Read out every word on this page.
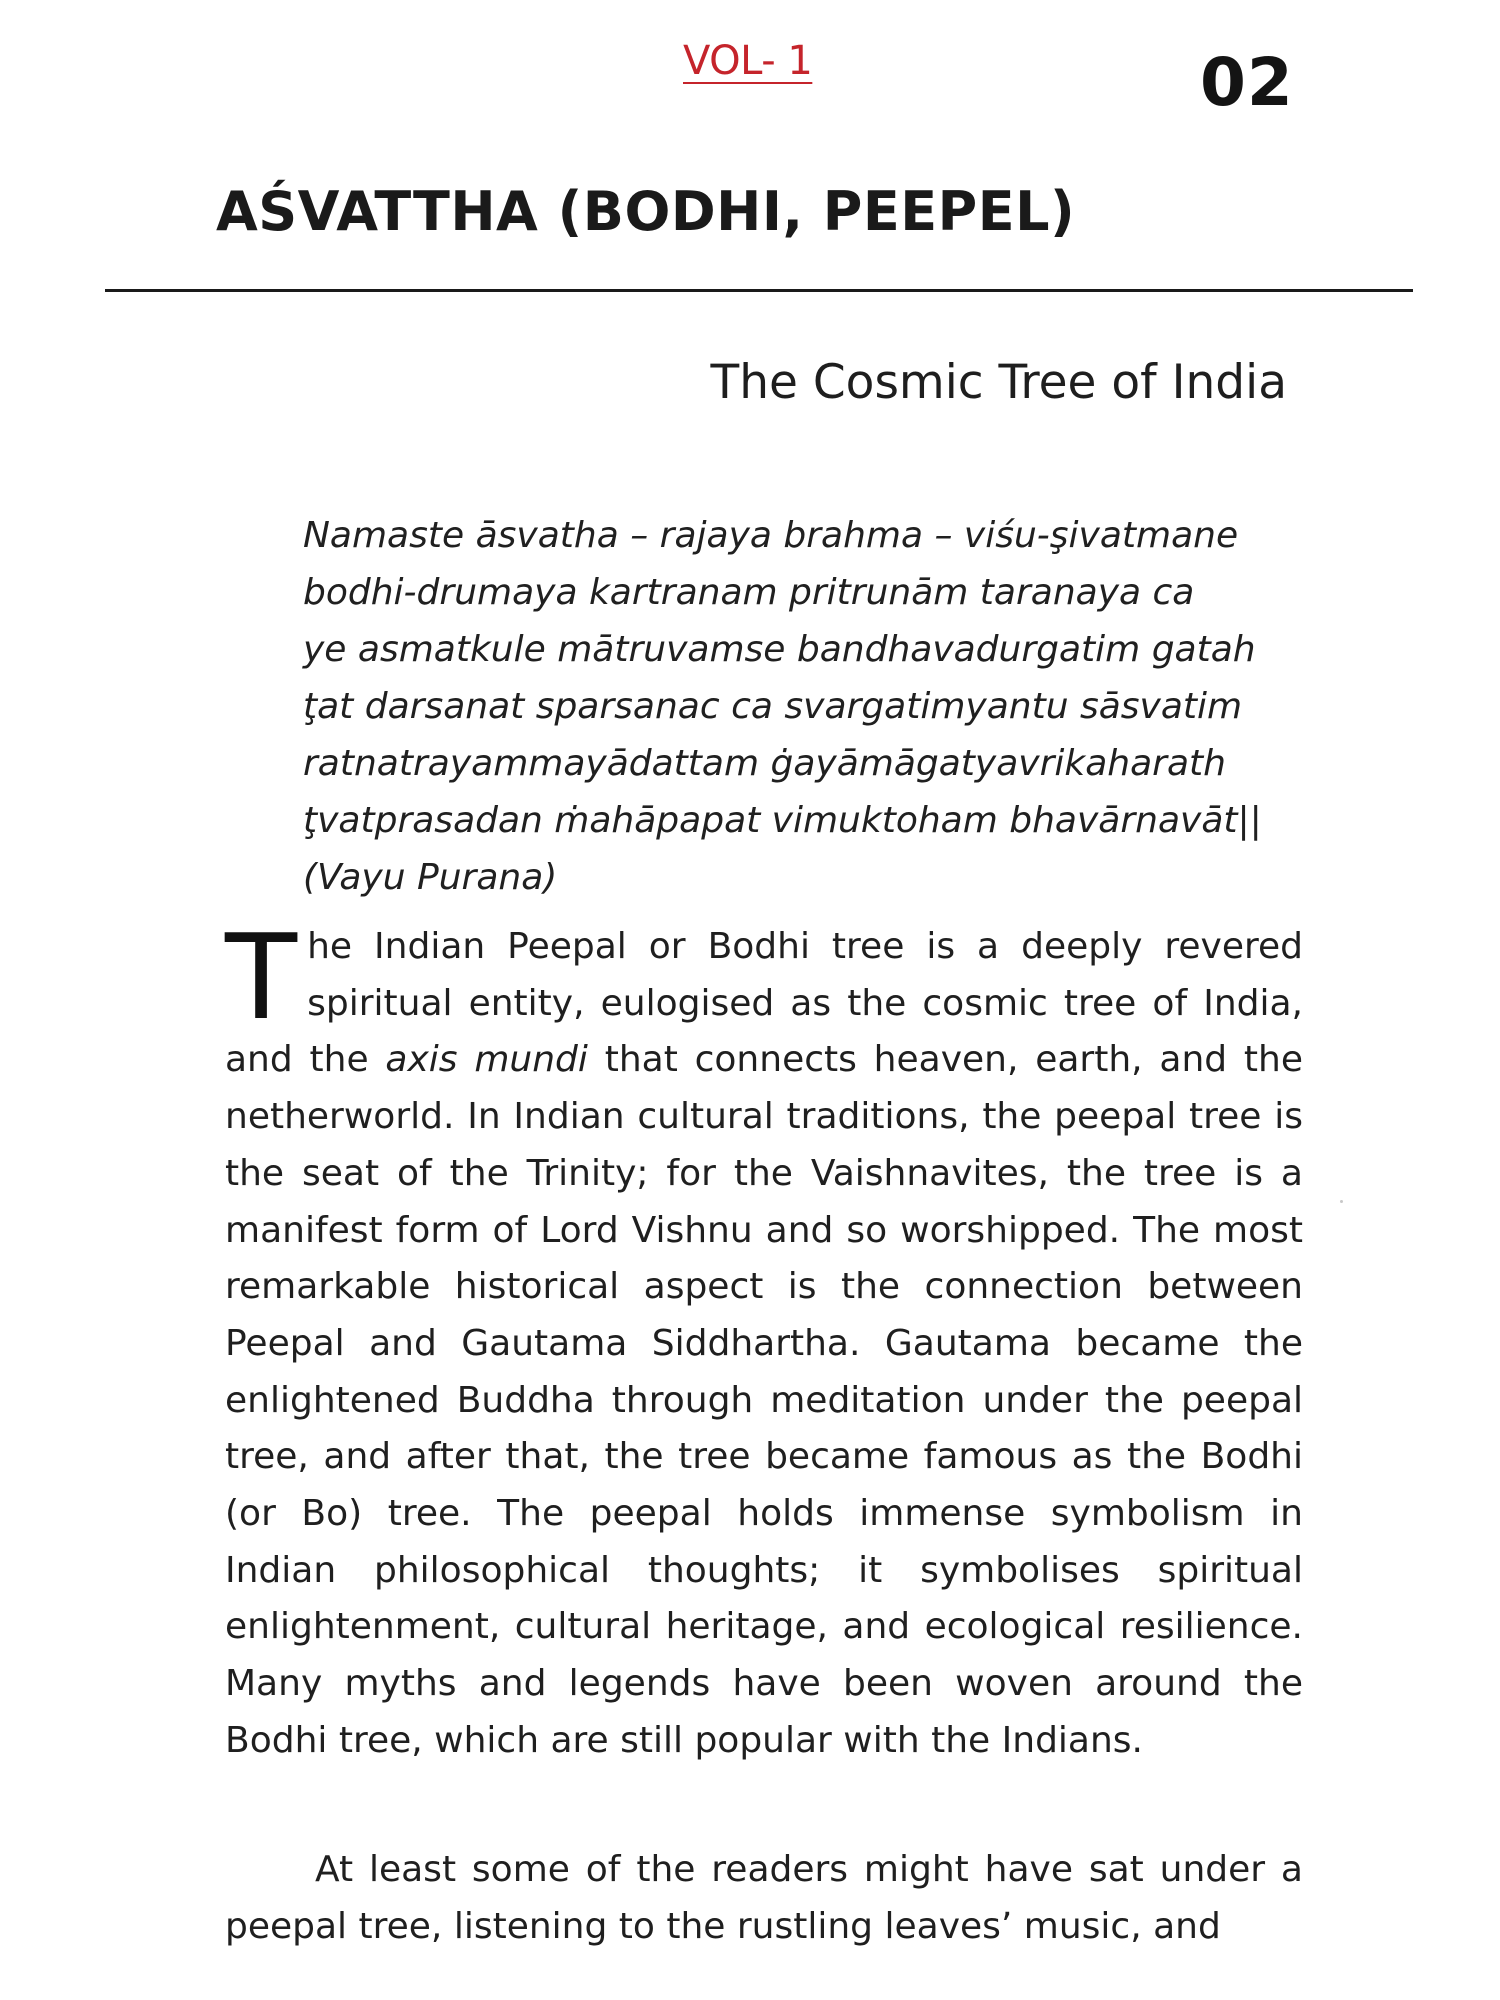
VOL- 1	02
AŚVATTHA (BODHI, PEEPEL)
The Cosmic Tree of India
Namaste āsvatha – rajaya brahma – viśu-şivatmane
bodhi-drumaya kartranam pritrunām taranaya ca
ye asmatkule mātruvamse bandhavadurgatim gatah
ţat darsanat sparsanac ca svargatimyantu sāsvatim
ratnatrayammayādattam ġayāmāgatyavrikaharath
ţvatprasadan ṁahāpapat vimuktoham bhavārnavāt||
(Vayu Purana)

The Indian Peepal or Bodhi tree is a deeply revered spiritual entity, eulogised as the cosmic tree of India, and the axis mundi that connects heaven, earth, and the netherworld. In Indian cultural traditions, the peepal tree is the seat of the Trinity; for the Vaishnavites, the tree is a manifest form of Lord Vishnu and so worshipped. The most remarkable historical aspect is the connection between Peepal and Gautama Siddhartha. Gautama became the enlightened Buddha through meditation under the peepal tree, and after that, the tree became famous as the Bodhi (or Bo) tree. The peepal holds immense symbolism in Indian philosophical thoughts; it symbolises spiritual enlightenment, cultural heritage, and ecological resilience. Many myths and legends have been woven around the Bodhi tree, which are still popular with the Indians.

At least some of the readers might have sat under a peepal tree, listening to the rustling leaves’ music, and
